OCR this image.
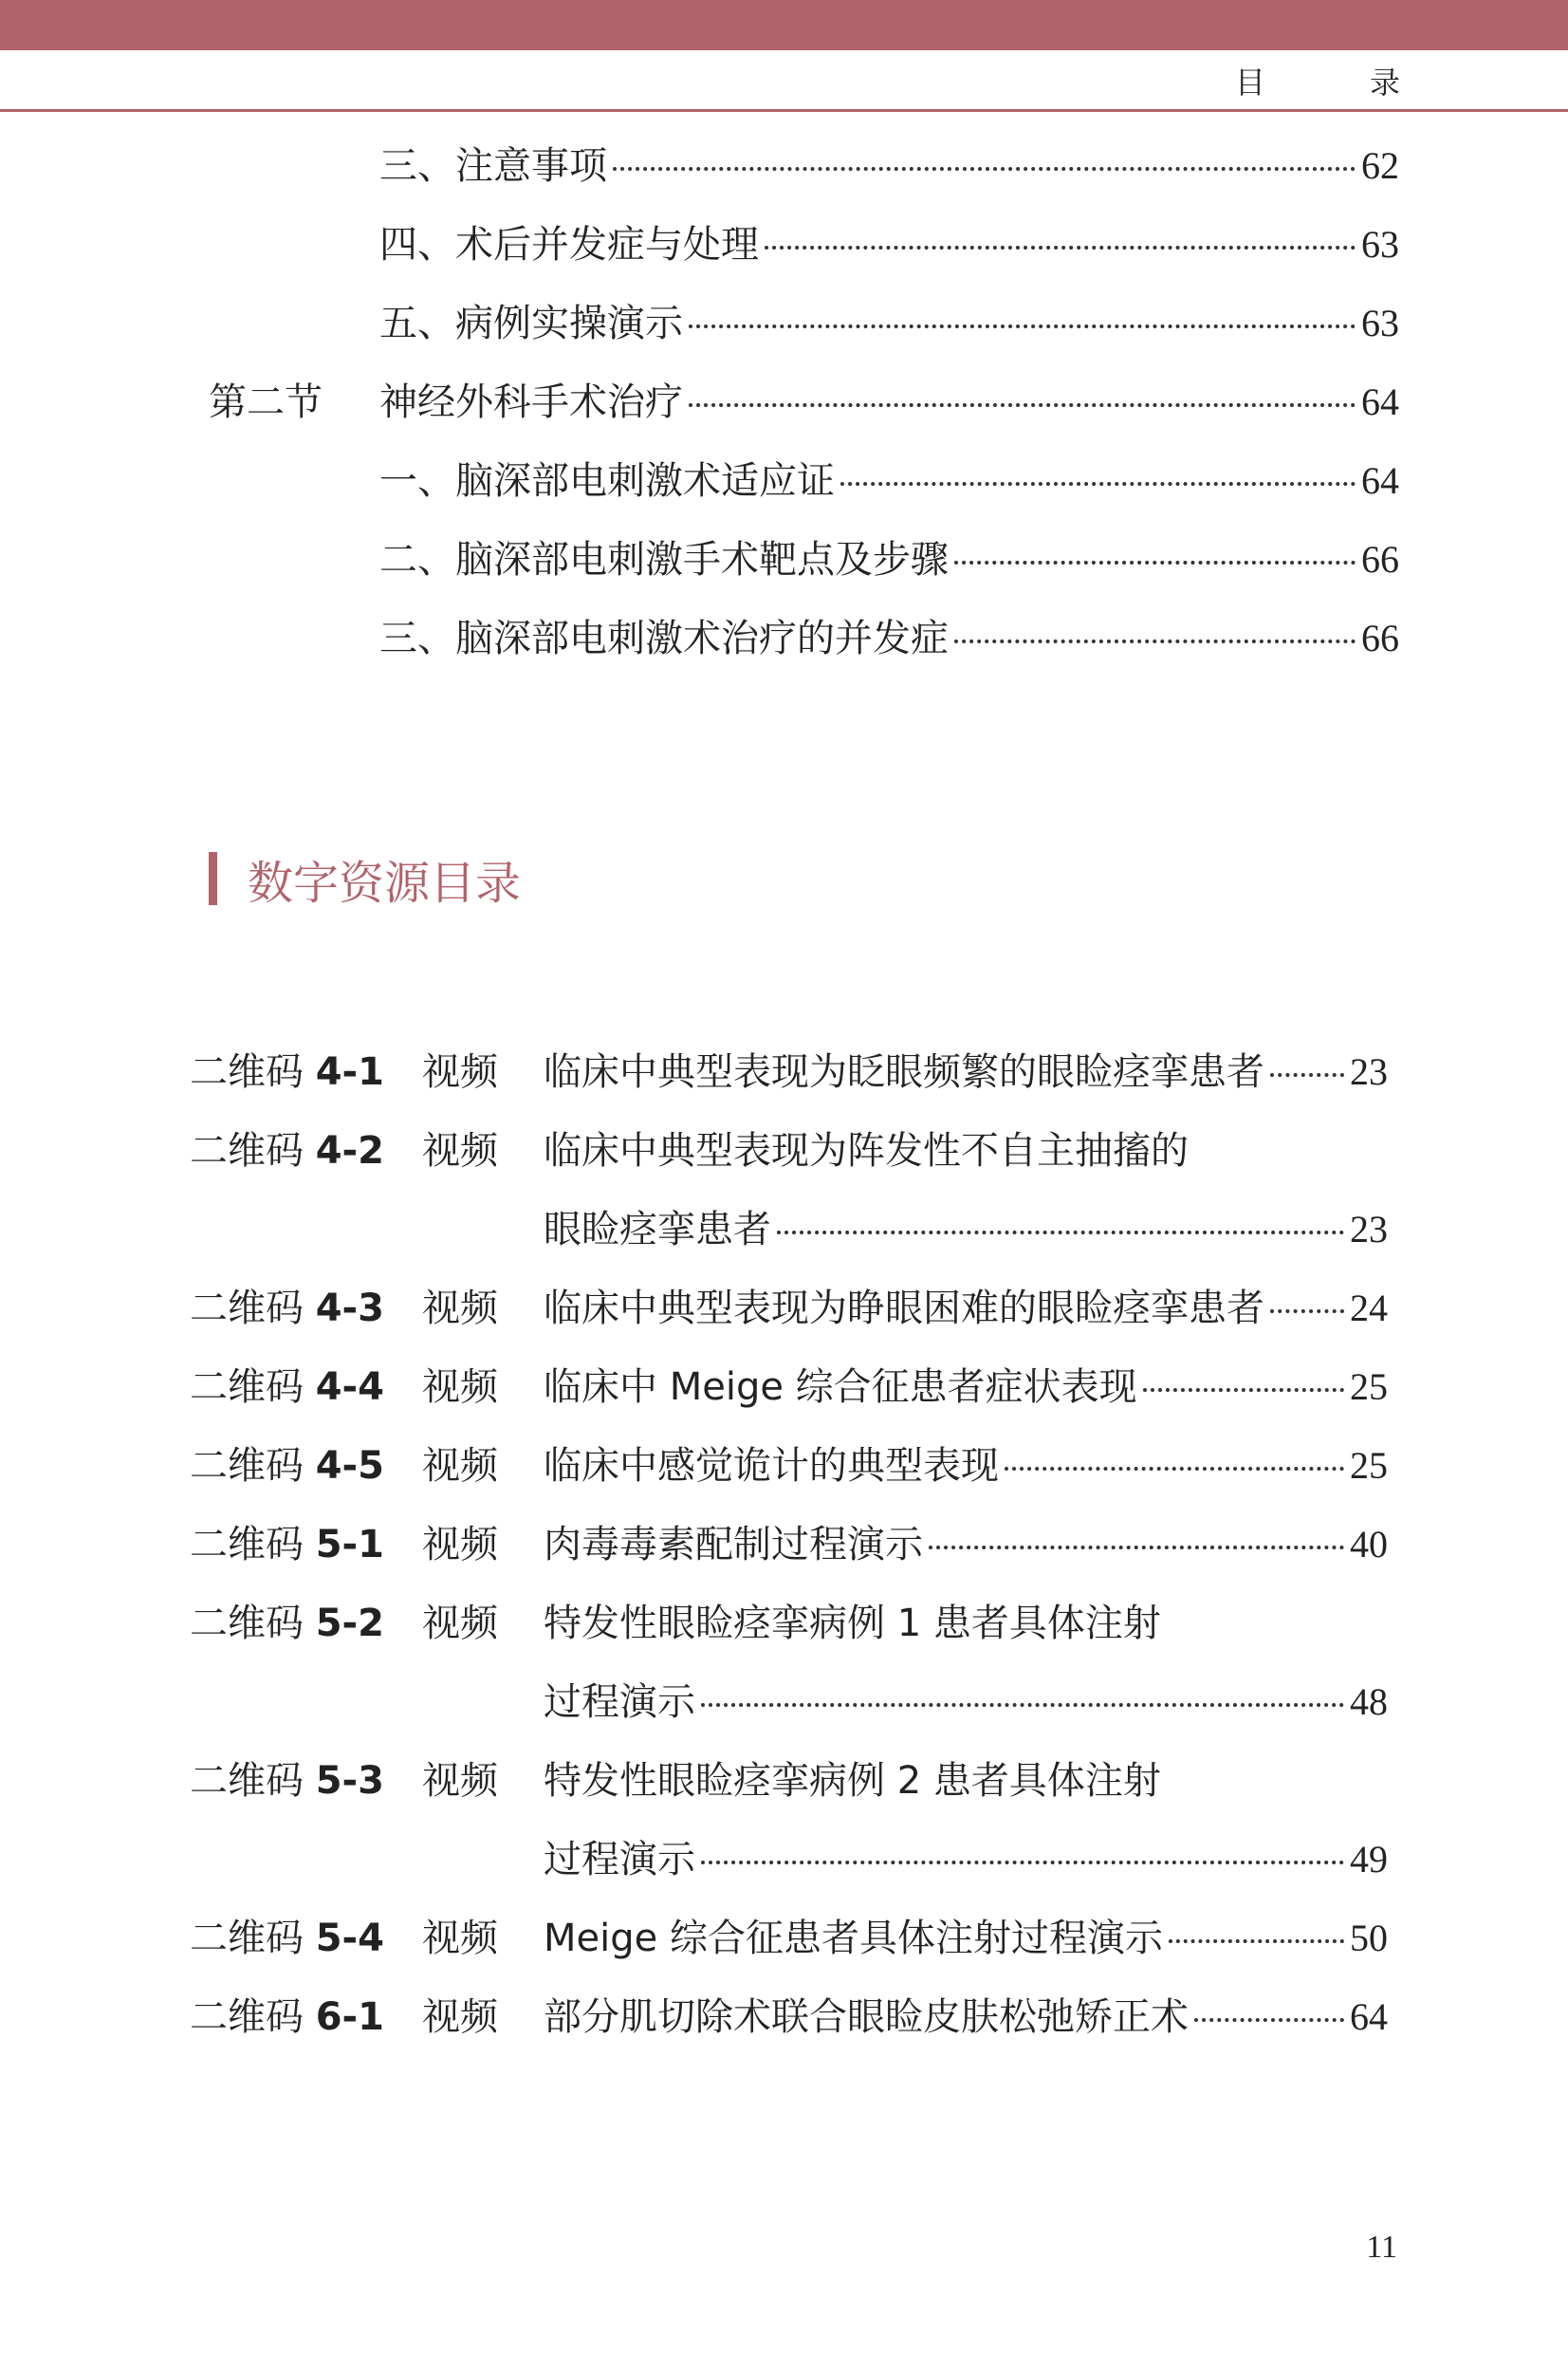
目 录
三、注意事项	62
四、术后并发症与处理	63
五、病例实操演示	63
第二节	神经外科手术治疗	64
一、脑深部电刺激术适应证	64
二、脑深部电刺激手术靶点及步骤	66
三、脑深部电刺激术治疗的并发症	66
数字资源目录
二维码 4-1	视频	临床中典型表现为眨眼频繁的眼睑痉挛患者 23
二维码 4-2	视频	临床中典型表现为阵发性不自主抽搐的
眼睑痉挛患者	23
二维码 4-3	视频	临床中典型表现为睁眼困难的眼睑痉挛患者 24
二维码 4-4	视频	临床中 Meige 综合征患者症状表现	25
二维码 4-5	视频	临床中感觉诡计的典型表现	25
二维码 5-1	视频	肉毒毒素配制过程演示	40
二维码 5-2	视频	特发性眼睑痉挛病例 1 患者具体注射
过程演示	48
二维码 5-3	视频	特发性眼睑痉挛病例 2 患者具体注射
过程演示	49
二维码 5-4	视频	Meige 综合征患者具体注射过程演示	50
二维码 6-1	视频	部分肌切除术联合眼睑皮肤松弛矫正术	64
11
